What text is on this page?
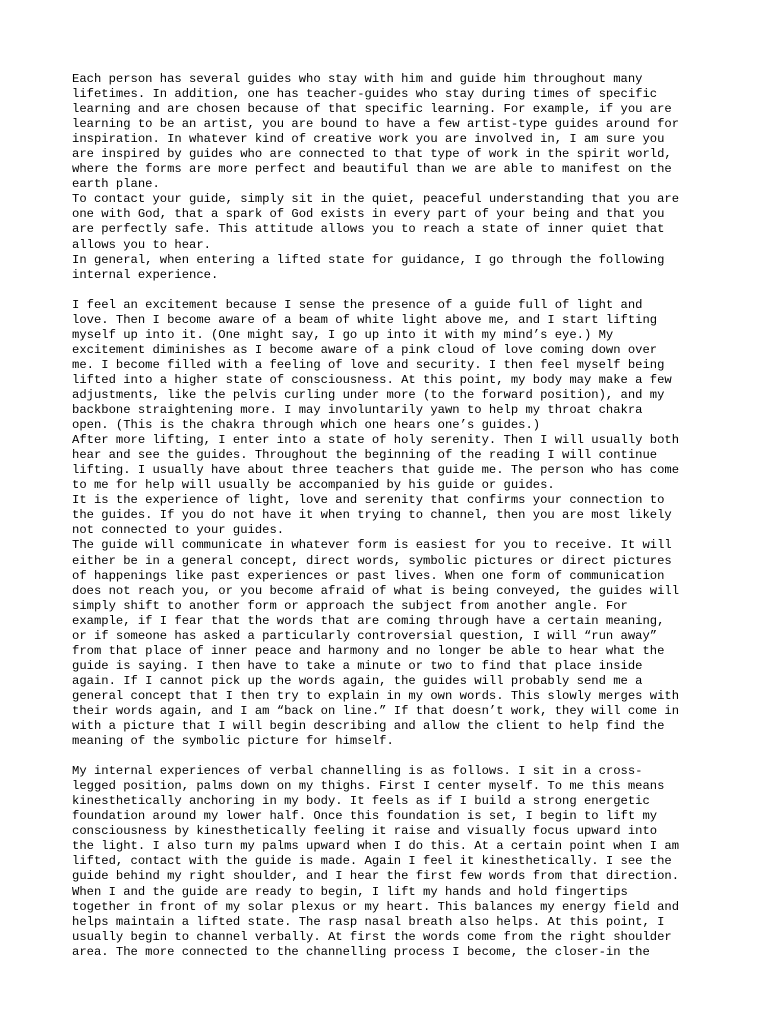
Each person has several guides who stay with him and guide him throughout many
lifetimes. In addition, one has teacher-guides who stay during times of specific
learning and are chosen because of that specific learning. For example, if you are
learning to be an artist, you are bound to have a few artist-type guides around for
inspiration. In whatever kind of creative work you are involved in, I am sure you
are inspired by guides who are connected to that type of work in the spirit world,
where the forms are more perfect and beautiful than we are able to manifest on the
earth plane.
To contact your guide, simply sit in the quiet, peaceful understanding that you are
one with God, that a spark of God exists in every part of your being and that you
are perfectly safe. This attitude allows you to reach a state of inner quiet that
allows you to hear.
In general, when entering a lifted state for guidance, I go through the following
internal experience.
I feel an excitement because I sense the presence of a guide full of light and
love. Then I become aware of a beam of white light above me, and I start lifting
myself up into it. (One might say, I go up into it with my mind’s eye.) My
excitement diminishes as I become aware of a pink cloud of love coming down over
me. I become filled with a feeling of love and security. I then feel myself being
lifted into a higher state of consciousness. At this point, my body may make a few
adjustments, like the pelvis curling under more (to the forward position), and my
backbone straightening more. I may involuntarily yawn to help my throat chakra
open. (This is the chakra through which one hears one’s guides.)
After more lifting, I enter into a state of holy serenity. Then I will usually both
hear and see the guides. Throughout the beginning of the reading I will continue
lifting. I usually have about three teachers that guide me. The person who has come
to me for help will usually be accompanied by his guide or guides.
It is the experience of light, love and serenity that confirms your connection to
the guides. If you do not have it when trying to channel, then you are most likely
not connected to your guides.
The guide will communicate in whatever form is easiest for you to receive. It will
either be in a general concept, direct words, symbolic pictures or direct pictures
of happenings like past experiences or past lives. When one form of communication
does not reach you, or you become afraid of what is being conveyed, the guides will
simply shift to another form or approach the subject from another angle. For
example, if I fear that the words that are coming through have a certain meaning,
or if someone has asked a particularly controversial question, I will “run away”
from that place of inner peace and harmony and no longer be able to hear what the
guide is saying. I then have to take a minute or two to find that place inside
again. If I cannot pick up the words again, the guides will probably send me a
general concept that I then try to explain in my own words. This slowly merges with
their words again, and I am “back on line.” If that doesn’t work, they will come in
with a picture that I will begin describing and allow the client to help find the
meaning of the symbolic picture for himself.
My internal experiences of verbal channelling is as follows. I sit in a cross-
legged position, palms down on my thighs. First I center myself. To me this means
kinesthetically anchoring in my body. It feels as if I build a strong energetic
foundation around my lower half. Once this foundation is set, I begin to lift my
consciousness by kinesthetically feeling it raise and visually focus upward into
the light. I also turn my palms upward when I do this. At a certain point when I am
lifted, contact with the guide is made. Again I feel it kinesthetically. I see the
guide behind my right shoulder, and I hear the first few words from that direction.
When I and the guide are ready to begin, I lift my hands and hold fingertips
together in front of my solar plexus or my heart. This balances my energy field and
helps maintain a lifted state. The rasp nasal breath also helps. At this point, I
usually begin to channel verbally. At first the words come from the right shoulder
area. The more connected to the channelling process I become, the closer-in the
